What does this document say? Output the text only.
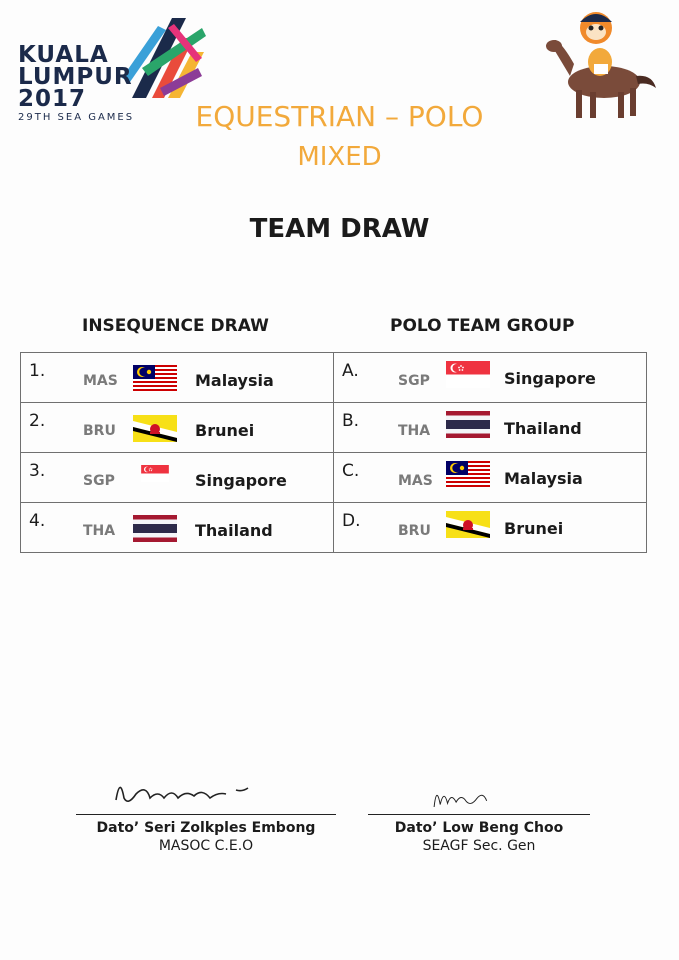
KUALA
LUMPUR
2017
29TH SEA GAMES	EQUESTRIAN – POLO
MIXED
TEAM DRAW
INSEQUENCE DRAW	POLO TEAM GROUP
1. MAS Malaysia	A. SGP Singapore

2. BRU Brunei	B. THA Thailand

3. SGP Singapore	C. MAS Malaysia

4. THA Thailand	D. BRU Brunei
Dato’ Seri Zolkples Embong
MASOC C.E.O
Dato’ Low Beng Choo
SEAGF Sec. Gen
